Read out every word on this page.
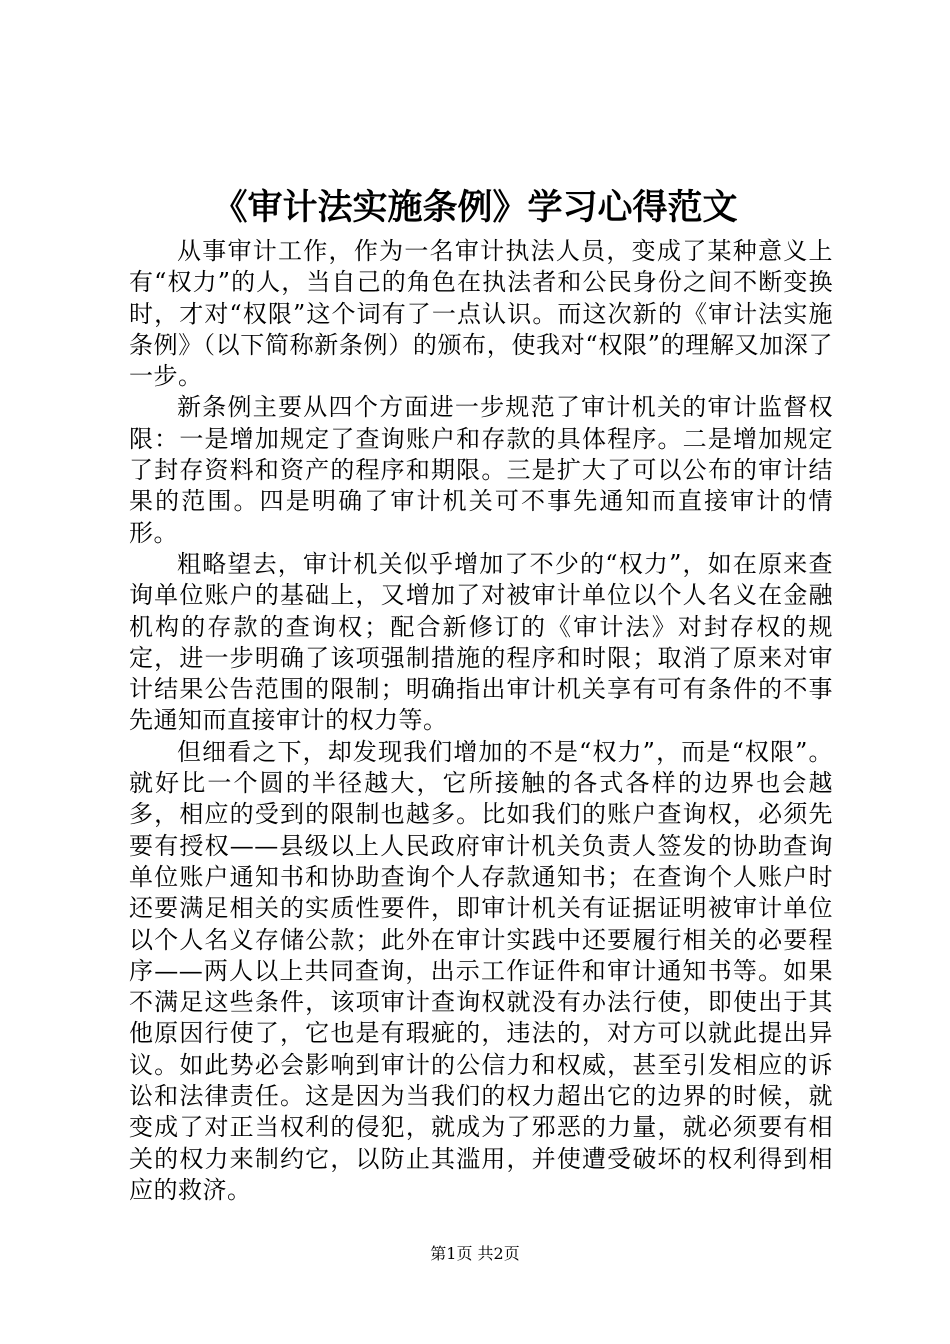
《审计法实施条例》学习心得范文

从事审计工作，作为一名审计执法人员，变成了某种意义上有“权力”的人，当自己的角色在执法者和公民身份之间不断变换时，才对“权限”这个词有了一点认识。而这次新的《审计法实施条例》（以下简称新条例）的颁布，使我对“权限”的理解又加深了一步。

新条例主要从四个方面进一步规范了审计机关的审计监督权限：一是增加规定了查询账户和存款的具体程序。二是增加规定了封存资料和资产的程序和期限。三是扩大了可以公布的审计结果的范围。四是明确了审计机关可不事先通知而直接审计的情形。

粗略望去，审计机关似乎增加了不少的“权力”，如在原来查询单位账户的基础上，又增加了对被审计单位以个人名义在金融机构的存款的查询权；配合新修订的《审计法》对封存权的规定，进一步明确了该项强制措施的程序和时限；取消了原来对审计结果公告范围的限制；明确指出审计机关享有可有条件的不事先通知而直接审计的权力等。

但细看之下，却发现我们增加的不是“权力”，而是“权限”。就好比一个圆的半径越大，它所接触的各式各样的边界也会越多，相应的受到的限制也越多。比如我们的账户查询权，必须先要有授权——县级以上人民政府审计机关负责人签发的协助查询单位账户通知书和协助查询个人存款通知书；在查询个人账户时还要满足相关的实质性要件，即审计机关有证据证明被审计单位以个人名义存储公款；此外在审计实践中还要履行相关的必要程序——两人以上共同查询，出示工作证件和审计通知书等。如果不满足这些条件，该项审计查询权就没有办法行使，即使出于其他原因行使了，它也是有瑕疵的，违法的，对方可以就此提出异议。如此势必会影响到审计的公信力和权威，甚至引发相应的诉讼和法律责任。这是因为当我们的权力超出它的边界的时候，就变成了对正当权利的侵犯，就成为了邪恶的力量，就必须要有相关的权力来制约它，以防止其滥用，并使遭受破坏的权利得到相应的救济。

第1页 共2页
